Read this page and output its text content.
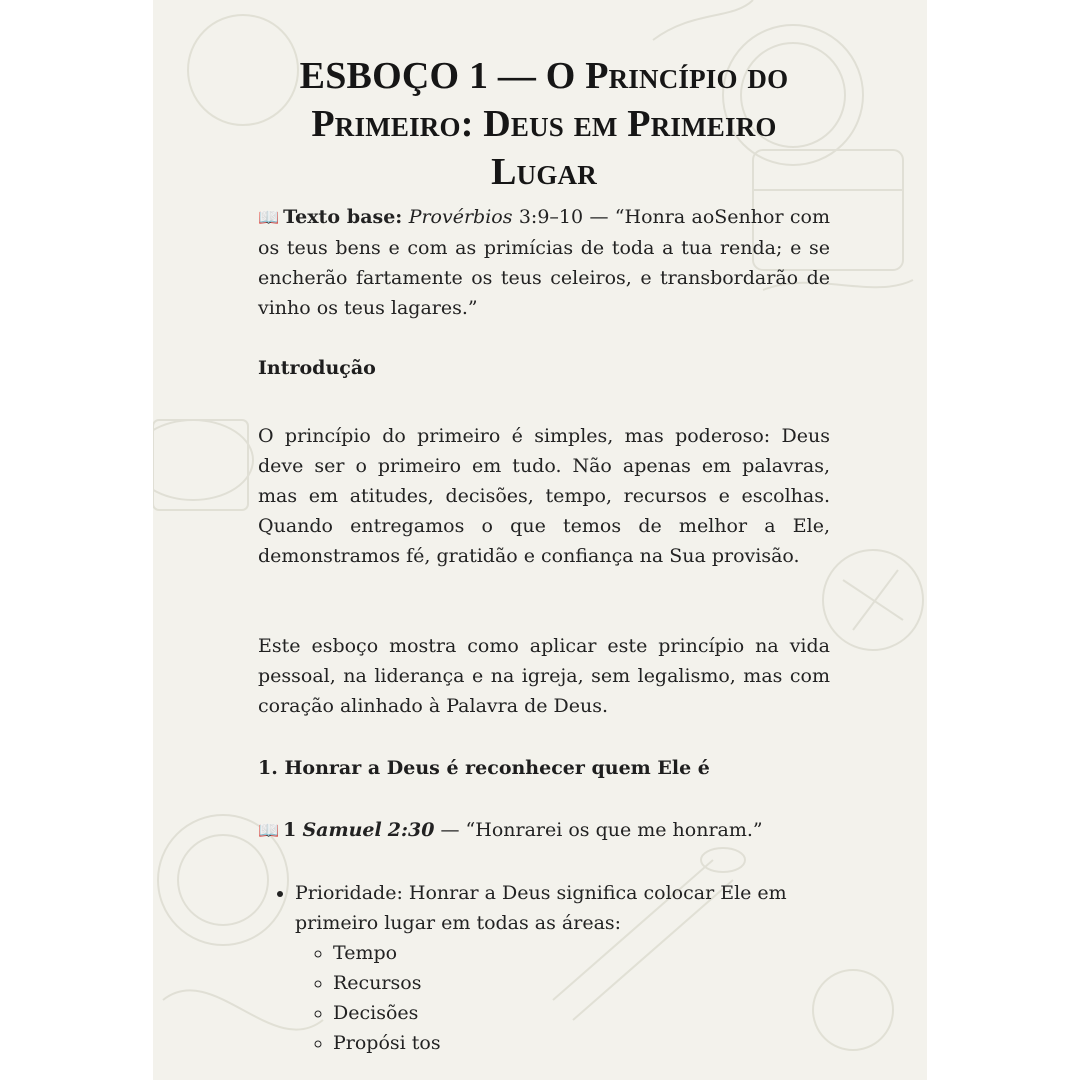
ESBOÇO 1 — O Princípio do Primeiro: Deus em Primeiro Lugar

📖 Texto base: Provérbios 3:9–10 — “Honra aoSenhor com os teus bens e com as primícias de toda a tua renda; e se encherão fartamente os teus celeiros, e transbordarão de vinho os teus lagares.”

Introdução

O princípio do primeiro é simples, mas poderoso: Deus deve ser o primeiro em tudo. Não apenas em palavras, mas em atitudes, decisões, tempo, recursos e escolhas. Quando entregamos o que temos de melhor a Ele, demonstramos fé, gratidão e confiança na Sua provisão.

Este esboço mostra como aplicar este princípio na vida pessoal, na liderança e na igreja, sem legalismo, mas com coração alinhado à Palavra de Deus.

1. Honrar a Deus é reconhecer quem Ele é

📖 1 Samuel 2:30 — “Honrarei os que me honram.”

• Prioridade: Honrar a Deus significa colocar Ele em primeiro lugar em todas as áreas:
◦ Tempo
◦ Recursos
◦ Decisões
◦ Propósi tos
